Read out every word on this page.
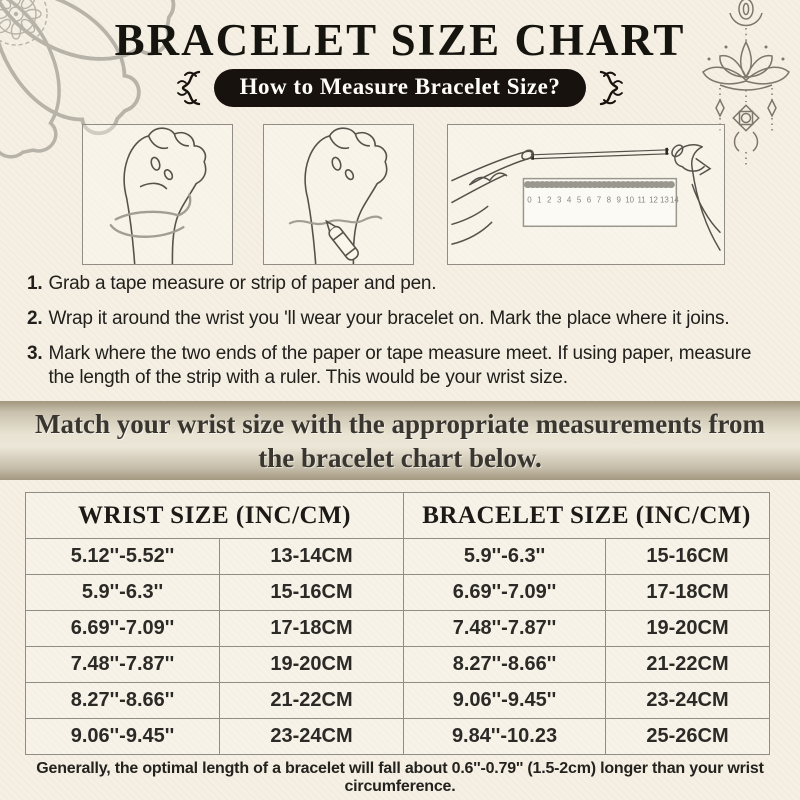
BRACELET SIZE CHART
How to Measure Bracelet Size?
0 1 2 3 4 5 6 7 8 9 10 11 12 13 14
1. Grab a tape measure or strip of paper and pen.
2. Wrap it around the wrist you 'll wear your bracelet on. Mark the place where it joins.
3. Mark where the two ends of the paper or tape measure meet. If using paper, measure the length of the strip with a ruler. This would be your wrist size.
Match your wrist size with the appropriate measurements from the bracelet chart below.
WRIST SIZE (INC/CM)		BRACELET SIZE (INC/CM)	
5.12''-5.52''	13-14CM	5.9''-6.3''	15-16CM
5.9''-6.3''	15-16CM	6.69''-7.09''	17-18CM
6.69''-7.09''	17-18CM	7.48''-7.87''	19-20CM
7.48''-7.87''	19-20CM	8.27''-8.66''	21-22CM
8.27''-8.66''	21-22CM	9.06''-9.45''	23-24CM
9.06''-9.45''	23-24CM	9.84''-10.23	25-26CM
Generally, the optimal length of a bracelet will fall about 0.6''-0.79'' (1.5-2cm) longer than your wrist circumference.
